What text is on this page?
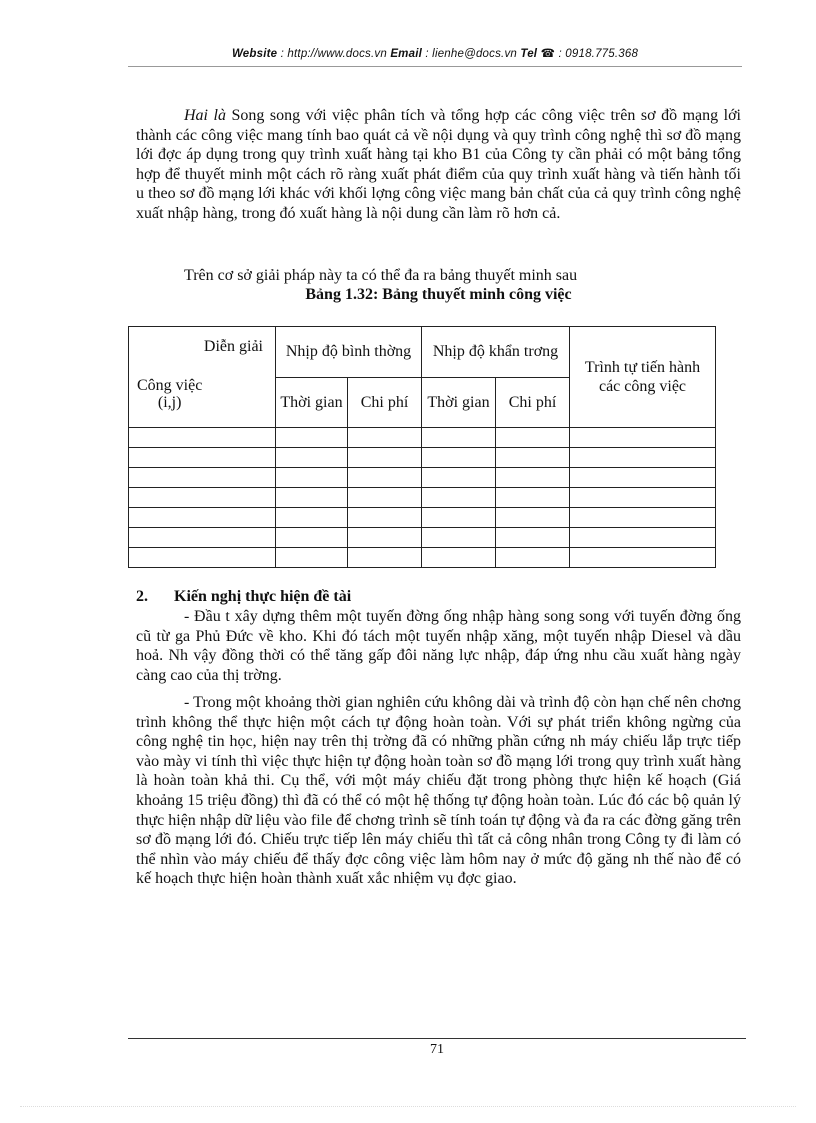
Website : http://www.docs.vn Email : lienhe@docs.vn Tel ☎ : 0918.775.368

Hai là Song song với việc phân tích và tổng hợp các công việc trên sơ đồ mạng lới thành các công việc mang tính bao quát cả về nội dụng và quy trình công nghệ thì sơ đồ mạng lới đợc áp dụng trong quy trình xuất hàng tại kho B1 của Công ty cần phải có một bảng tổng hợp để thuyết minh một cách rõ ràng xuất phát điểm của quy trình xuất hàng và tiến hành tối u theo sơ đồ mạng lới khác với khối lợng công việc mang bản chất của cả quy trình công nghệ xuất nhập hàng, trong đó xuất hàng là nội dung cần làm rõ hơn cả.

Trên cơ sở giải pháp này ta có thể đa ra bảng thuyết minh sau

Bảng 1.32: Bảng thuyết minh công việc

Diễn giải
Công việc
(i,j)	Nhịp độ bình thờng		Nhịp độ khẩn trơng		Trình tự tiến hành các công việc
	Thời gian	Chi phí	Thời gian	Chi phí	

2. Kiến nghị thực hiện đề tài

- Đầu t xây dựng thêm một tuyến đờng ống nhập hàng song song với tuyến đờng ống cũ từ ga Phủ Đức về kho. Khi đó tách một tuyến nhập xăng, một tuyến nhập Diesel và dầu hoả. Nh vậy đồng thời có thể tăng gấp đôi năng lực nhập, đáp ứng nhu cầu xuất hàng ngày càng cao của thị trờng.

- Trong một khoảng thời gian nghiên cứu không dài và trình độ còn hạn chế nên chơng trình không thể thực hiện một cách tự động hoàn toàn. Với sự phát triển không ngừng của công nghệ tin học, hiện nay trên thị trờng đã có những phần cứng nh máy chiếu lắp trực tiếp vào mày vi tính thì việc thực hiện tự động hoàn toàn sơ đồ mạng lới trong quy trình xuất hàng là hoàn toàn khả thi. Cụ thể, với một máy chiếu đặt trong phòng thực hiện kế hoạch (Giá khoảng 15 triệu đồng) thì đã có thể có một hệ thống tự động hoàn toàn. Lúc đó các bộ quản lý thực hiện nhập dữ liệu vào file để chơng trình sẽ tính toán tự động và đa ra các đờng găng trên sơ đồ mạng lới đó. Chiếu trực tiếp lên máy chiếu thì tất cả công nhân trong Công ty đi làm có thể nhìn vào máy chiếu để thấy đợc công việc làm hôm nay ở mức độ găng nh thế nào để có kế hoạch thực hiện hoàn thành xuất xắc nhiệm vụ đợc giao.

71
